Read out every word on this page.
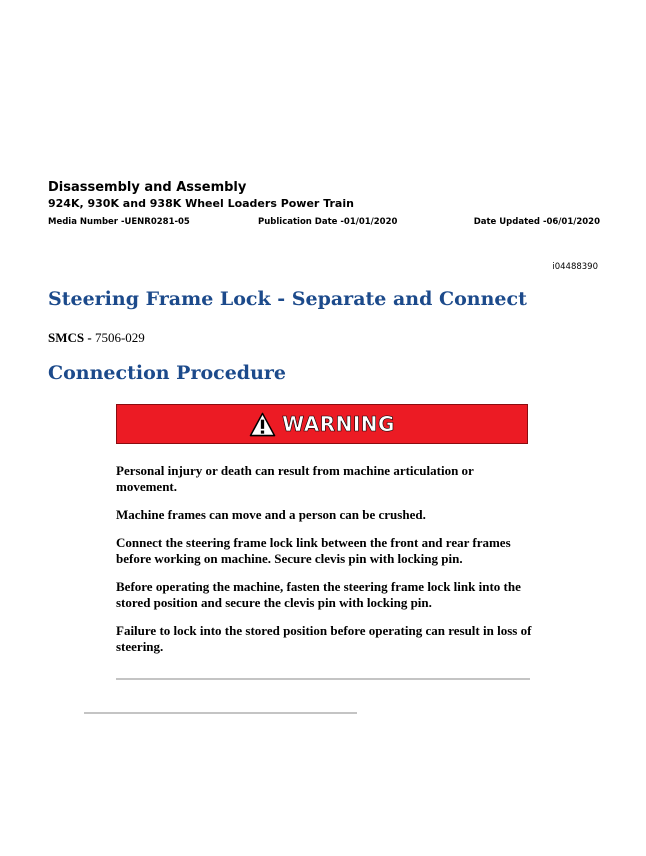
Disassembly and Assembly
924K, 930K and 938K Wheel Loaders Power Train
Media Number -UENR0281-05	Publication Date -01/01/2020	Date Updated -06/01/2020
i04488390
Steering Frame Lock - Separate and Connect
SMCS - 7506-029
Connection Procedure
WARNING

Personal injury or death can result from machine articulation or movement.

Machine frames can move and a person can be crushed.

Connect the steering frame lock link between the front and rear frames before working on machine. Secure clevis pin with locking pin.

Before operating the machine, fasten the steering frame lock link into the stored position and secure the clevis pin with locking pin.

Failure to lock into the stored position before operating can result in loss of steering.
